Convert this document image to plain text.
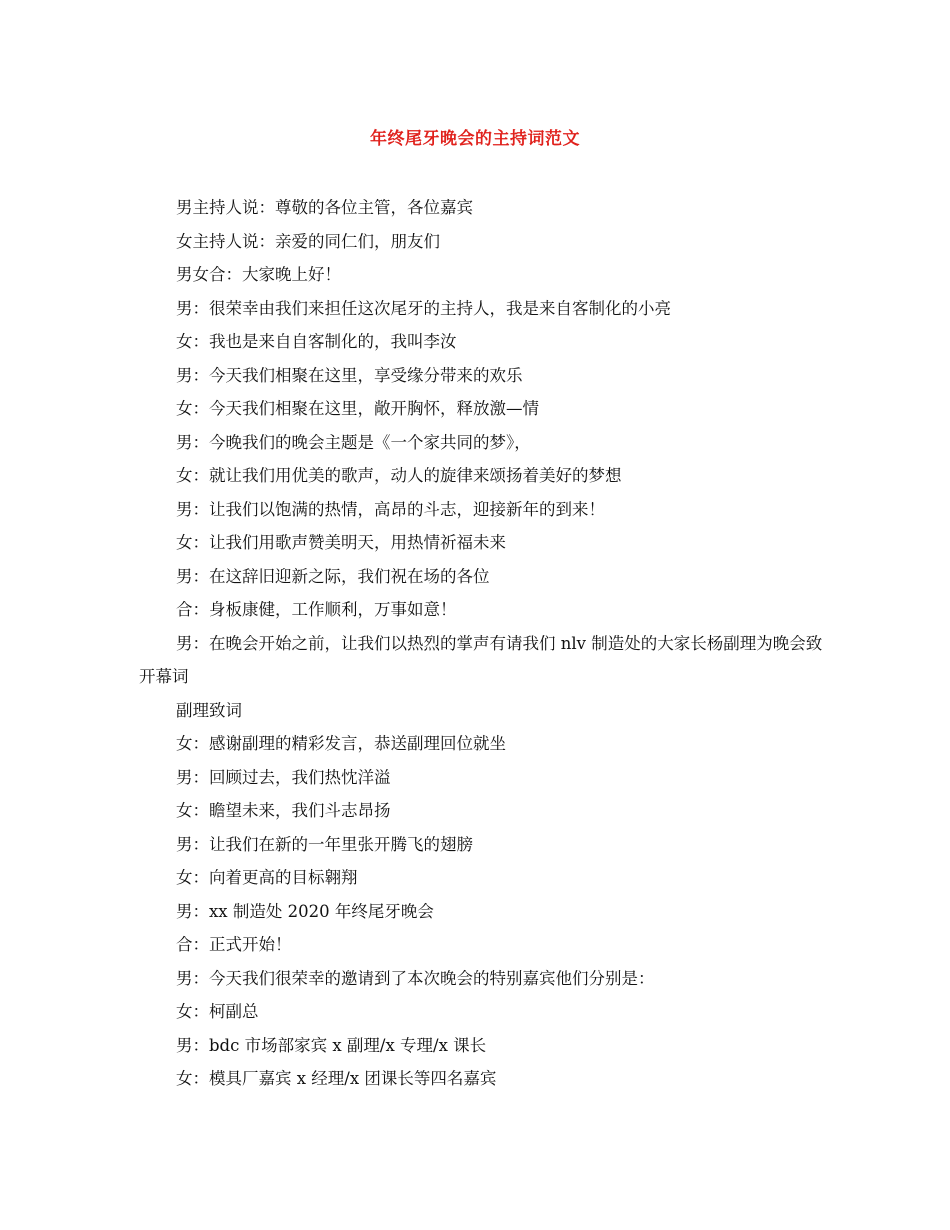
年终尾牙晚会的主持词范文

男主持人说：尊敬的各位主管，各位嘉宾

女主持人说：亲爱的同仁们，朋友们

男女合：大家晚上好！

男：很荣幸由我们来担任这次尾牙的主持人，我是来自客制化的小亮

女：我也是来自自客制化的，我叫李汝

男：今天我们相聚在这里，享受缘分带来的欢乐

女：今天我们相聚在这里，敞开胸怀，释放激—情

男：今晚我们的晚会主题是《一个家共同的梦》，

女：就让我们用优美的歌声，动人的旋律来颂扬着美好的梦想

男：让我们以饱满的热情，高昂的斗志，迎接新年的到来！

女：让我们用歌声赞美明天，用热情祈福未来

男：在这辞旧迎新之际，我们祝在场的各位

合：身板康健，工作顺利，万事如意！

男：在晚会开始之前，让我们以热烈的掌声有请我们 nlv 制造处的大家长杨副理为晚会致开幕词

副理致词

女：感谢副理的精彩发言，恭送副理回位就坐

男：回顾过去，我们热忱洋溢

女：瞻望未来，我们斗志昂扬

男：让我们在新的一年里张开腾飞的翅膀

女：向着更高的目标翱翔

男：xx 制造处 2020 年终尾牙晚会

合：正式开始！

男：今天我们很荣幸的邀请到了本次晚会的特别嘉宾他们分别是：

女：柯副总

男：bdc 市场部家宾 x 副理/x 专理/x 课长

女：模具厂嘉宾 x 经理/x 团课长等四名嘉宾
